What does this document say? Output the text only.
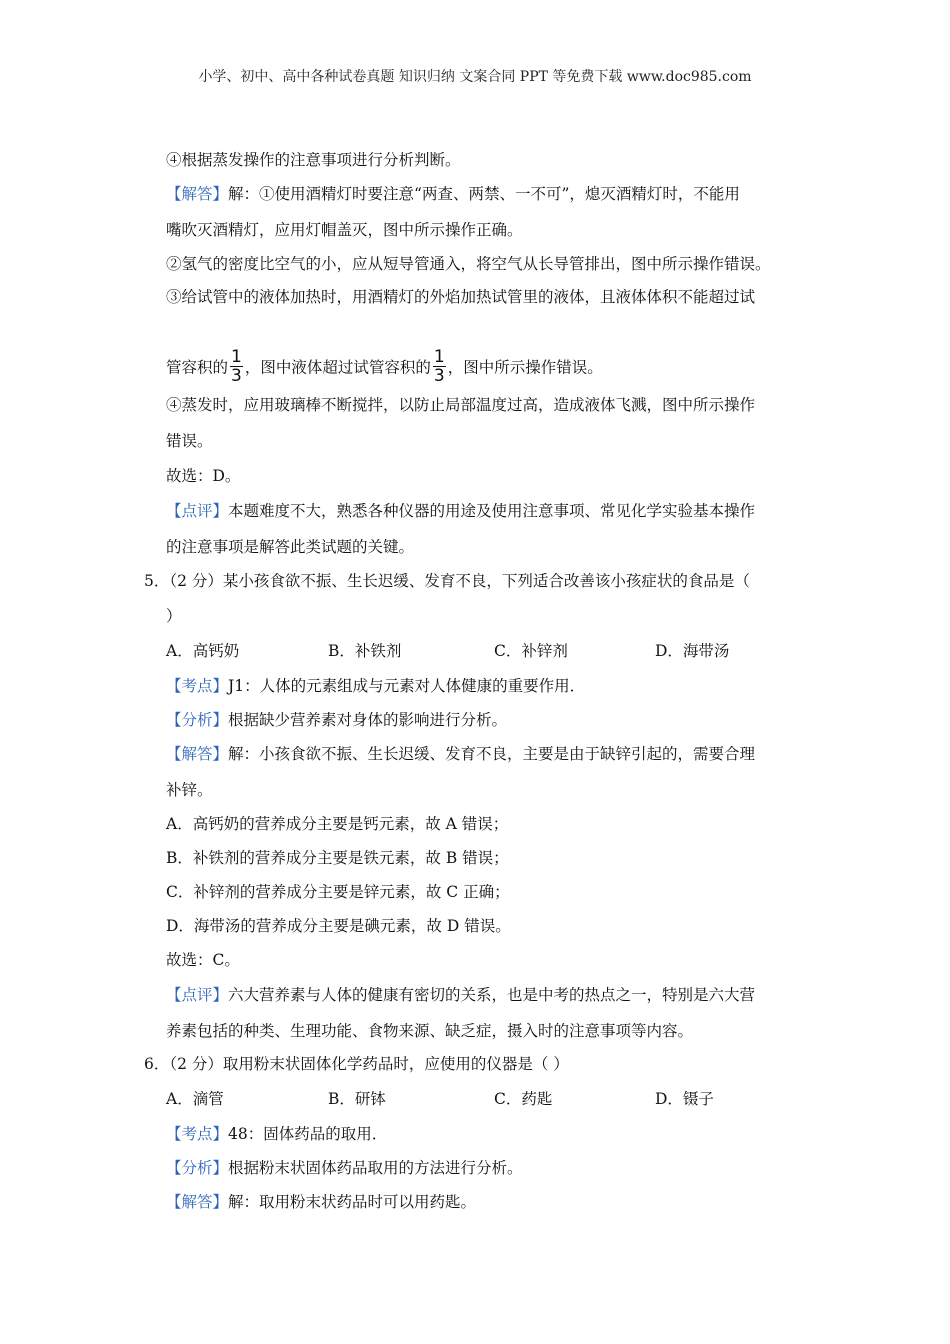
小学、初中、高中各种试卷真题 知识归纳 文案合同 PPT 等免费下载 www.doc985.com
④根据蒸发操作的注意事项进行分析判断。
【解答】解：①使用酒精灯时要注意“两查、两禁、一不可”，熄灭酒精灯时，不能用
嘴吹灭酒精灯，应用灯帽盖灭，图中所示操作正确。
②氢气的密度比空气的小，应从短导管通入，将空气从长导管排出，图中所示操作错误。
③给试管中的液体加热时，用酒精灯的外焰加热试管里的液体，且液体体积不能超过试
管容积的 $\frac{1}{3}$ ，图中液体超过试管容积的 $\frac{1}{3}$ ，图中所示操作错误。
④蒸发时，应用玻璃棒不断搅拌，以防止局部温度过高，造成液体飞溅，图中所示操作
错误。
故选：D。
【点评】本题难度不大，熟悉各种仪器的用途及使用注意事项、常见化学实验基本操作
的注意事项是解答此类试题的关键。
5．（2 分）某小孩食欲不振、生长迟缓、发育不良，下列适合改善该小孩症状的食品是（
）
A．高钙奶	B．补铁剂	C．补锌剂	D．海带汤
【考点】J1：人体的元素组成与元素对人体健康的重要作用．
【分析】根据缺少营养素对身体的影响进行分析。
【解答】解：小孩食欲不振、生长迟缓、发育不良，主要是由于缺锌引起的，需要合理
补锌。
A．高钙奶的营养成分主要是钙元素，故 A 错误；
B．补铁剂的营养成分主要是铁元素，故 B 错误；
C．补锌剂的营养成分主要是锌元素，故 C 正确；
D．海带汤的营养成分主要是碘元素，故 D 错误。
故选：C。
【点评】六大营养素与人体的健康有密切的关系，也是中考的热点之一，特别是六大营
养素包括的种类、生理功能、食物来源、缺乏症，摄入时的注意事项等内容。
6．（2 分）取用粉末状固体化学药品时，应使用的仪器是（ ）
A．滴管	B．研钵	C．药匙	D．镊子
【考点】48：固体药品的取用．
【分析】根据粉末状固体药品取用的方法进行分析。
【解答】解：取用粉末状药品时可以用药匙。
